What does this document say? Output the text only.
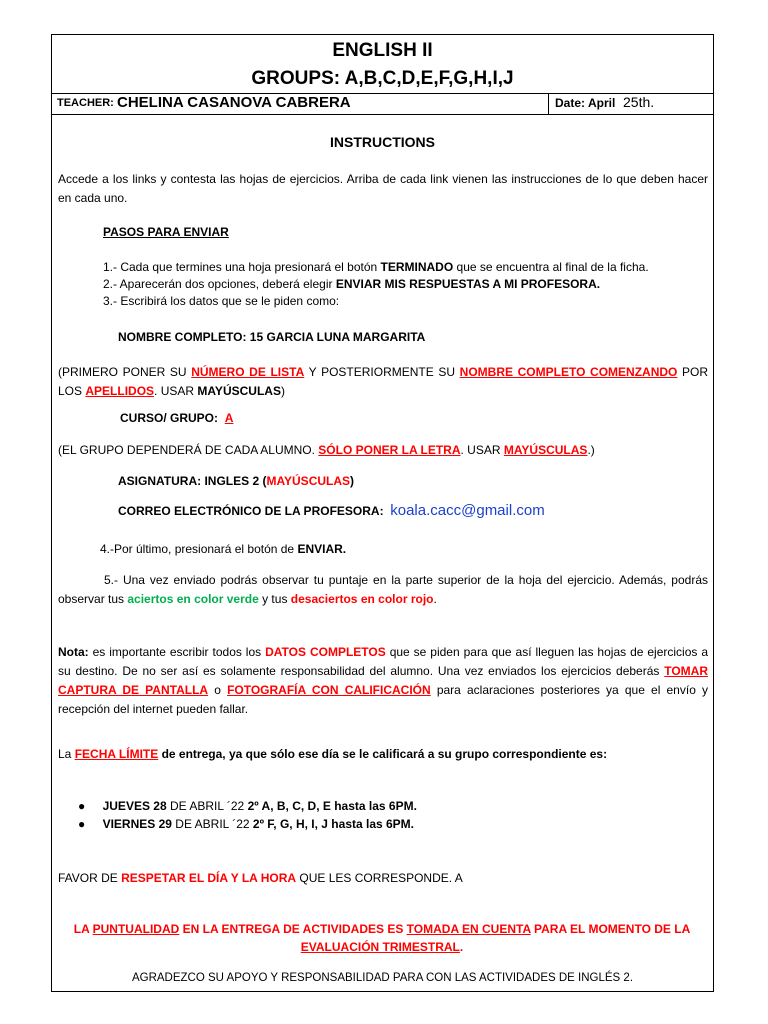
ENGLISH II
GROUPS: A,B,C,D,E,F,G,H,I,J
TEACHER: CHELINA CASANOVA CABRERA	Date: April 25th.
INSTRUCTIONS
Accede a los links y contesta las hojas de ejercicios. Arriba de cada link vienen las instrucciones de lo que deben hacer en cada uno.
PASOS PARA ENVIAR
1.- Cada que termines una hoja presionará el botón TERMINADO que se encuentra al final de la ficha.
2.- Aparecerán dos opciones, deberá elegir ENVIAR MIS RESPUESTAS A MI PROFESORA.
3.- Escribirá los datos que se le piden como:
NOMBRE COMPLETO: 15 GARCIA LUNA MARGARITA
(PRIMERO PONER SU NÚMERO DE LISTA Y POSTERIORMENTE SU NOMBRE COMPLETO COMENZANDO POR LOS APELLIDOS. USAR MAYÚSCULAS)
CURSO/ GRUPO: A
(EL GRUPO DEPENDERÁ DE CADA ALUMNO. SÓLO PONER LA LETRA. USAR MAYÚSCULAS.)
ASIGNATURA: INGLES 2 (MAYÚSCULAS)
CORREO ELECTRÓNICO DE LA PROFESORA: koala.cacc@gmail.com
4.-Por último, presionará el botón de ENVIAR.
5.- Una vez enviado podrás observar tu puntaje en la parte superior de la hoja del ejercicio. Además, podrás observar tus aciertos en color verde y tus desaciertos en color rojo.
Nota: es importante escribir todos los DATOS COMPLETOS que se piden para que así lleguen las hojas de ejercicios a su destino. De no ser así es solamente responsabilidad del alumno. Una vez enviados los ejercicios deberás TOMAR CAPTURA DE PANTALLA o FOTOGRAFÍA CON CALIFICACIÓN para aclaraciones posteriores ya que el envío y recepción del internet pueden fallar.
La FECHA LÍMITE de entrega, ya que sólo ese día se le calificará a su grupo correspondiente es:
● JUEVES 28 DE ABRIL ´22 2º A, B, C, D, E hasta las 6PM.
● VIERNES 29 DE ABRIL ´22 2º F, G, H, I, J hasta las 6PM.
FAVOR DE RESPETAR EL DÍA Y LA HORA QUE LES CORRESPONDE. A
LA PUNTUALIDAD EN LA ENTREGA DE ACTIVIDADES ES TOMADA EN CUENTA PARA EL MOMENTO DE LA EVALUACIÓN TRIMESTRAL.
AGRADEZCO SU APOYO Y RESPONSABILIDAD PARA CON LAS ACTIVIDADES DE INGLÉS 2.
